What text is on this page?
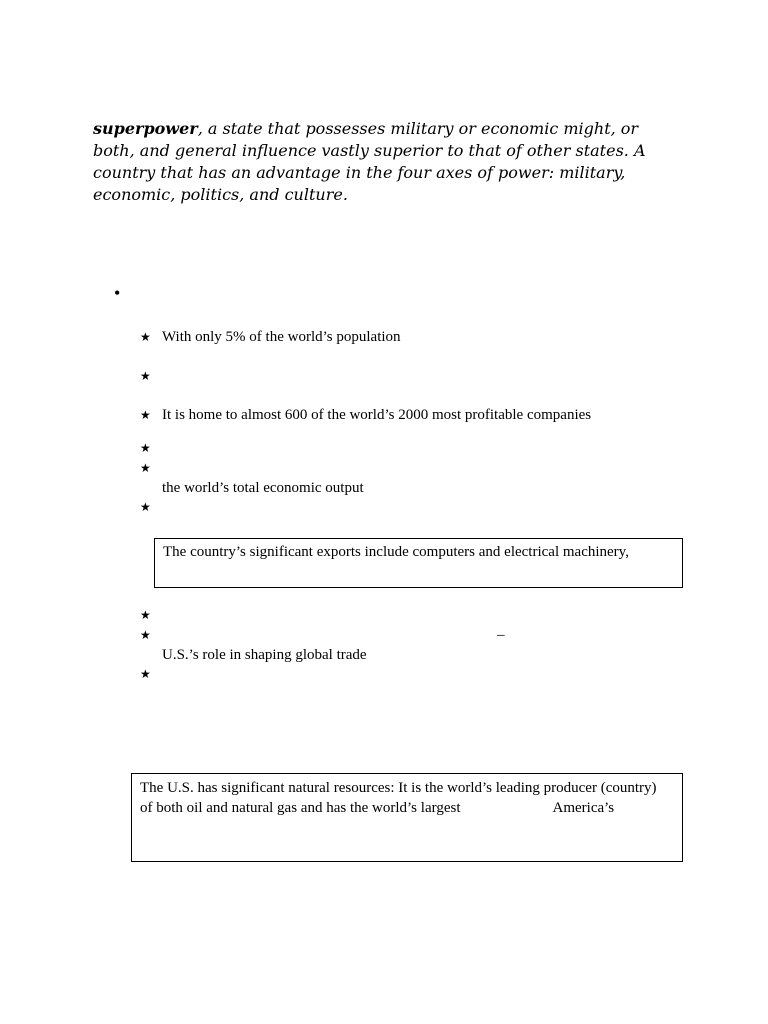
superpower, a state that possesses military or economic might, or both, and general influence vastly superior to that of other states. A country that has an advantage in the four axes of power: military, economic, politics, and culture.

•
★ With only 5% of the world’s population
★
★ It is home to almost 600 of the world’s 2000 most profitable companies
★
★
the world’s total economic output
★
The country’s significant exports include computers and electrical machinery,
★
★	–
U.S.’s role in shaping global trade
★
The U.S. has significant natural resources: It is the world’s leading producer (country)
of both oil and natural gas and has the world’s largest	America’s
